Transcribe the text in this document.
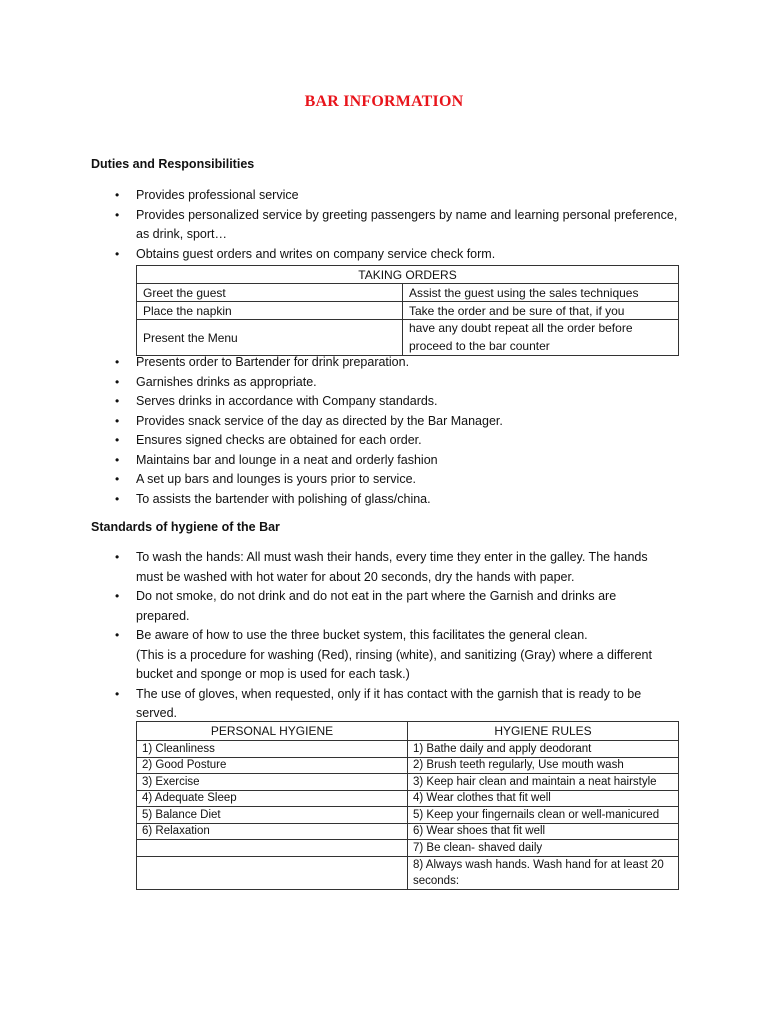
BAR INFORMATION
Duties and Responsibilities
• Provides professional service
• Provides personalized service by greeting passengers by name and learning personal preference,
as drink, sport…
• Obtains guest orders and writes on company service check form.
TAKING ORDERS	
Greet the guest	Assist the guest using the sales techniques
Place the napkin	Take the order and be sure of that, if you
Present the Menu	have any doubt repeat all the order before proceed to the bar counter
• Presents order to Bartender for drink preparation.
• Garnishes drinks as appropriate.
• Serves drinks in accordance with Company standards.
• Provides snack service of the day as directed by the Bar Manager.
• Ensures signed checks are obtained for each order.
• Maintains bar and lounge in a neat and orderly fashion
• A set up bars and lounges is yours prior to service.
• To assists the bartender with polishing of glass/china.
Standards of hygiene of the Bar
• To wash the hands: All must wash their hands, every time they enter in the galley. The hands
must be washed with hot water for about 20 seconds, dry the hands with paper.
• Do not smoke, do not drink and do not eat in the part where the Garnish and drinks are
prepared.
• Be aware of how to use the three bucket system, this facilitates the general clean.
(This is a procedure for washing (Red), rinsing (white), and sanitizing (Gray) where a different bucket and sponge or mop is used for each task.)
• The use of gloves, when requested, only if it has contact with the garnish that is ready to be
served.
PERSONAL HYGIENE	HYGIENE RULES
1) Cleanliness	1) Bathe daily and apply deodorant
2) Good Posture	2) Brush teeth regularly, Use mouth wash
3) Exercise	3) Keep hair clean and maintain a neat hairstyle
4) Adequate Sleep	4) Wear clothes that fit well
5) Balance Diet	5) Keep your fingernails clean or well-manicured
6) Relaxation	6) Wear shoes that fit well
	7) Be clean- shaved daily
	8) Always wash hands. Wash hand for at least 20 seconds:
